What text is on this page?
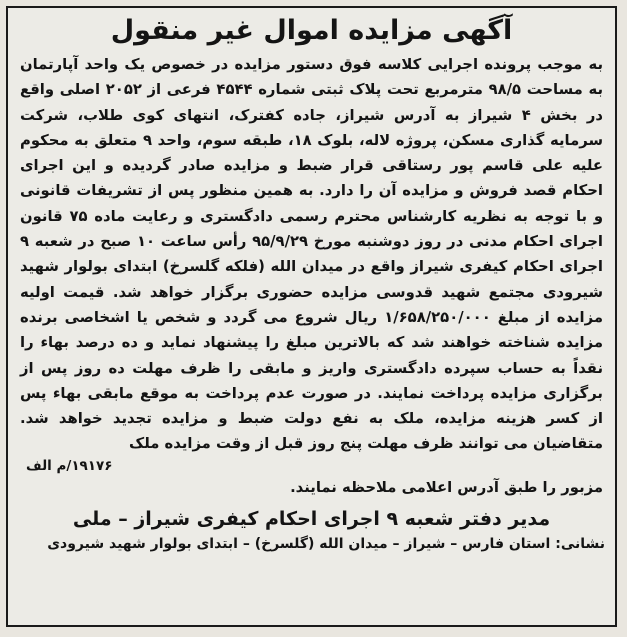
آگهی مزایده اموال غیر منقول
به موجب پرونده اجرایی کلاسه فوق دستور مزایده در خصوص یک واحد آپارتمان به مساحت ۹۸/۵ مترمربع تحت پلاک ثبتی شماره ۴۵۴۴ فرعی از ۲۰۵۲ اصلی واقع در بخش ۴ شیراز به آدرس شیراز، جاده کفترک، انتهای کوی طلاب، شرکت سرمایه گذاری مسکن، پروژه لاله، بلوک ۱۸، طبقه سوم، واحد ۹ متعلق به محکوم علیه علی قاسم پور رستاقی قرار ضبط و مزایده صادر گردیده و این اجرای احکام قصد فروش و مزایده آن را دارد. به همین منظور پس از تشریفات قانونی و با توجه به نظریه کارشناس محترم رسمی دادگستری و رعایت ماده ۷۵ قانون اجرای احکام مدنی در روز دوشنبه مورخ ۹۵/۹/۲۹ رأس ساعت ۱۰ صبح در شعبه ۹ اجرای احکام کیفری شیراز واقع در میدان الله (فلکه گلسرخ) ابتدای بولوار شهید شیرودی مجتمع شهید قدوسی مزایده حضوری برگزار خواهد شد. قیمت اولیه مزایده از مبلغ ۱/۶۵۸/۲۵۰/۰۰۰ ریال شروع می گردد و شخص یا اشخاصی برنده مزایده شناخته خواهند شد که بالاترین مبلغ را پیشنهاد نماید و ده درصد بهاء را نقداً به حساب سپرده دادگستری واریز و مابقی را ظرف مهلت ده روز پس از برگزاری مزایده پرداخت نمایند. در صورت عدم پرداخت به موقع مابقی بهاء پس از کسر هزینه مزایده، ملک به نفع دولت ضبط و مزایده تجدید خواهد شد. متقاضیان می توانند ظرف مهلت پنج روز قبل از وقت مزایده ملک
۱۹۱۷۶/م الف
مزبور را طبق آدرس اعلامی ملاحظه نمایند.
مدیر دفتر شعبه ۹ اجرای احکام کیفری شیراز – ملی
نشانی: استان فارس – شیراز – میدان الله (گلسرخ) – ابتدای بولوار شهید شیرودی
